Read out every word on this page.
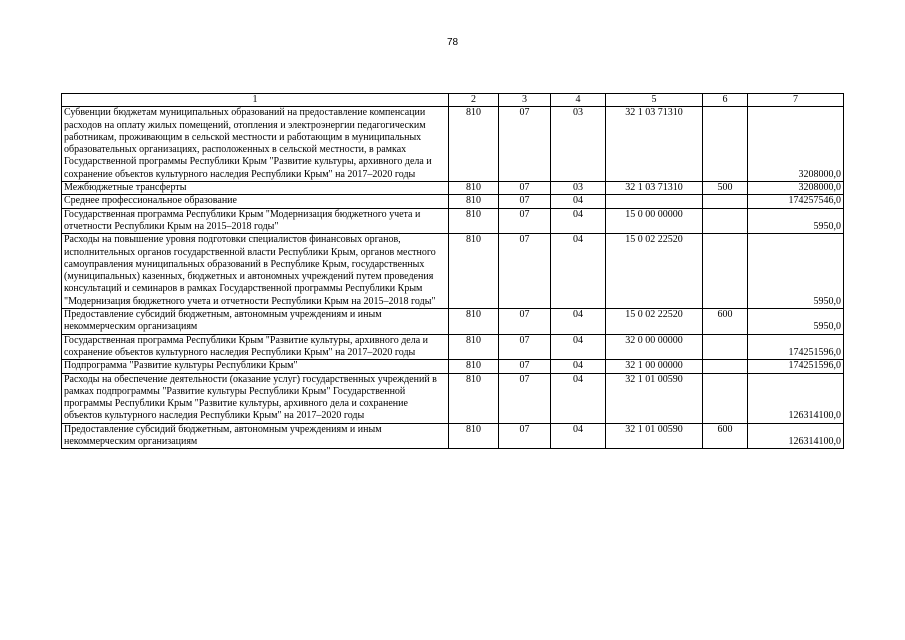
78
1	2	3	4	5	6	7
Субвенции бюджетам муниципальных образований на предоставление компенсации расходов на оплату жилых помещений, отопления и электроэнергии педагогическим работникам, проживающим в сельской местности и работающим в муниципальных образовательных организациях, расположенных в сельской местности, в рамках Государственной программы Республики Крым "Развитие культуры, архивного дела и сохранение объектов культурного наследия Республики Крым" на 2017–2020 годы	810	07	03	32 1 03 71310		3208000,0
Межбюджетные трансферты	810	07	03	32 1 03 71310	500	3208000,0
Среднее профессиональное образование	810	07	04			174257546,0
Государственная программа Республики Крым "Модернизация бюджетного учета и отчетности Республики Крым на 2015–2018 годы"	810	07	04	15 0 00 00000		5950,0
Расходы на повышение уровня подготовки специалистов финансовых органов, исполнительных органов государственной власти Республики Крым, органов местного самоуправления муниципальных образований в Республике Крым, государственных (муниципальных) казенных, бюджетных и автономных учреждений путем проведения консультаций и семинаров в рамках Государственной программы Республики Крым "Модернизация бюджетного учета и отчетности Республики Крым на 2015–2018 годы"	810	07	04	15 0 02 22520		5950,0
Предоставление субсидий бюджетным, автономным учреждениям и иным некоммерческим организациям	810	07	04	15 0 02 22520	600	5950,0
Государственная программа Республики Крым "Развитие культуры, архивного дела и сохранение объектов культурного наследия Республики Крым" на 2017–2020 годы	810	07	04	32 0 00 00000		174251596,0
Подпрограмма "Развитие культуры Республики Крым"	810	07	04	32 1 00 00000		174251596,0
Расходы на обеспечение деятельности (оказание услуг) государственных учреждений в рамках подпрограммы "Развитие культуры Республики Крым" Государственной программы Республики Крым "Развитие культуры, архивного дела и сохранение объектов культурного наследия Республики Крым" на 2017–2020 годы	810	07	04	32 1 01 00590		126314100,0
Предоставление субсидий бюджетным, автономным учреждениям и иным некоммерческим организациям	810	07	04	32 1 01 00590	600	126314100,0
